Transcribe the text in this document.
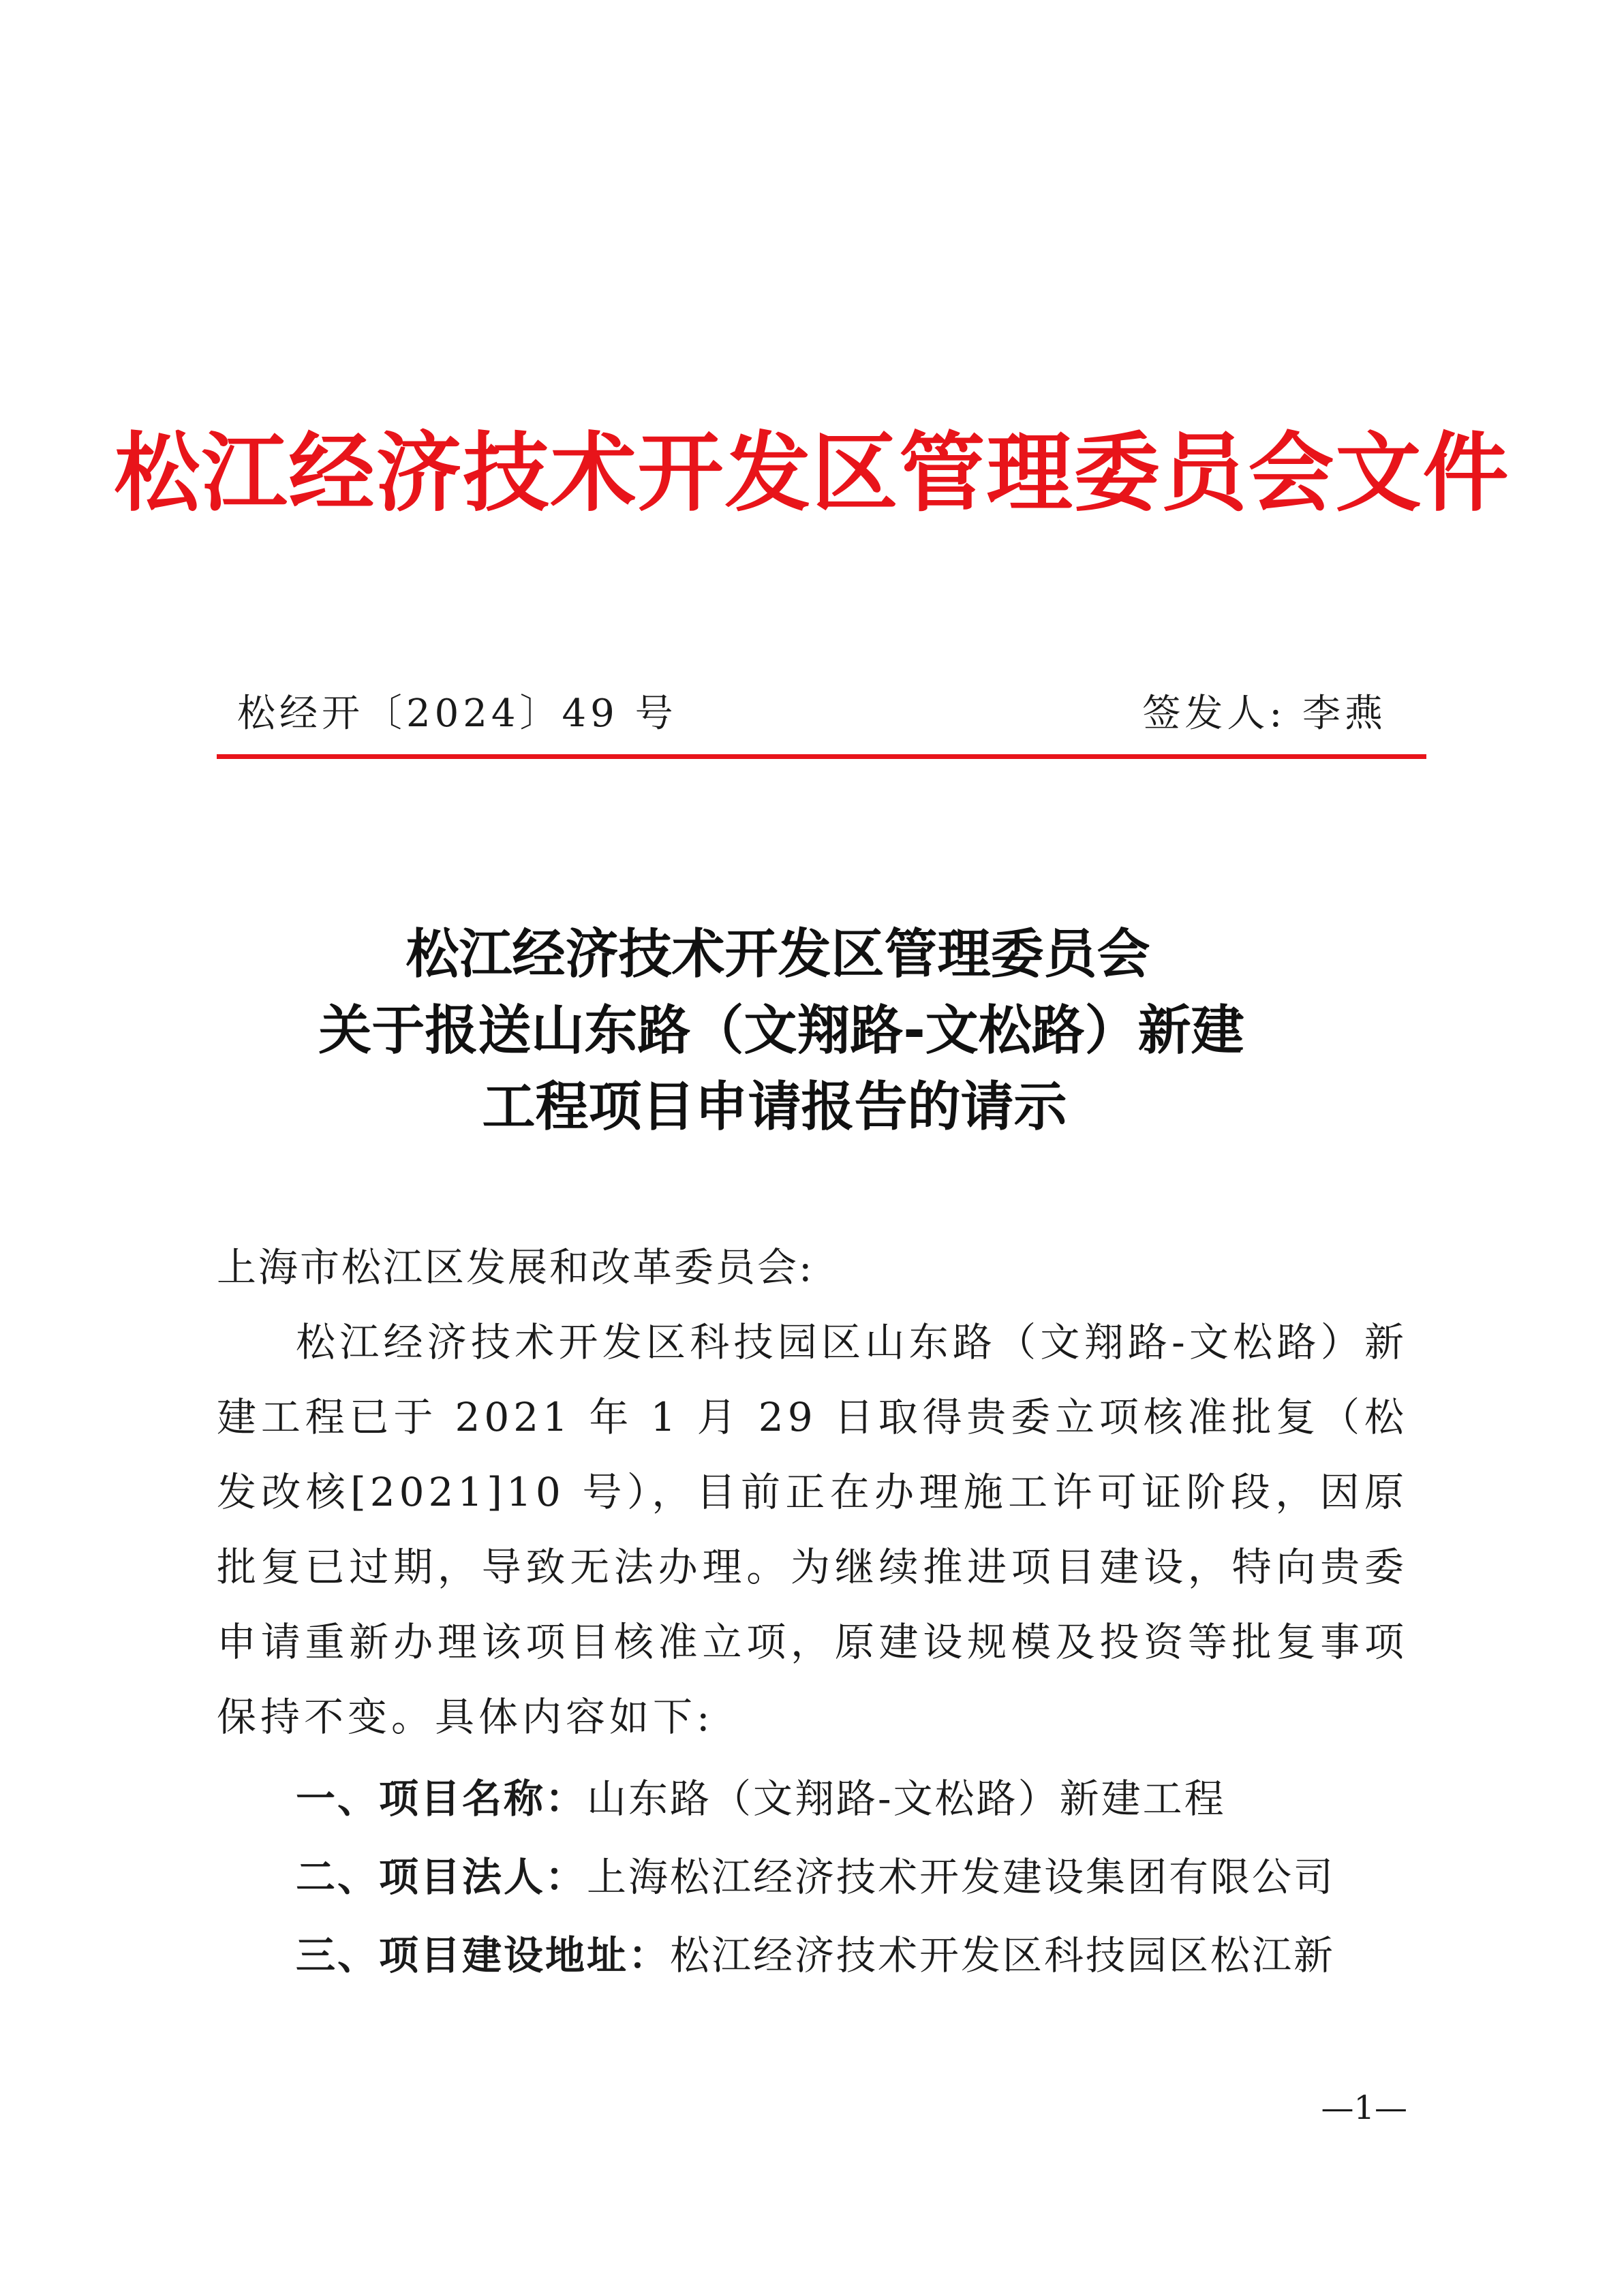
松江经济技术开发区管理委员会文件
松经开〔2024〕49 号	签发人: 李燕
松江经济技术开发区管理委员会
关于报送山东路（文翔路-文松路）新建
工程项目申请报告的请示
上海市松江区发展和改革委员会:
松江经济技术开发区科技园区山东路（文翔路-文松路）新建工程已于 2021 年 1 月 29 日取得贵委立项核准批复（松发改核[2021]10 号），目前正在办理施工许可证阶段，因原批复已过期，导致无法办理。为继续推进项目建设，特向贵委申请重新办理该项目核准立项，原建设规模及投资等批复事项保持不变。具体内容如下:
一、项目名称：山东路（文翔路-文松路）新建工程
二、项目法人：上海松江经济技术开发建设集团有限公司
三、项目建设地址：松江经济技术开发区科技园区松江新
—1—
